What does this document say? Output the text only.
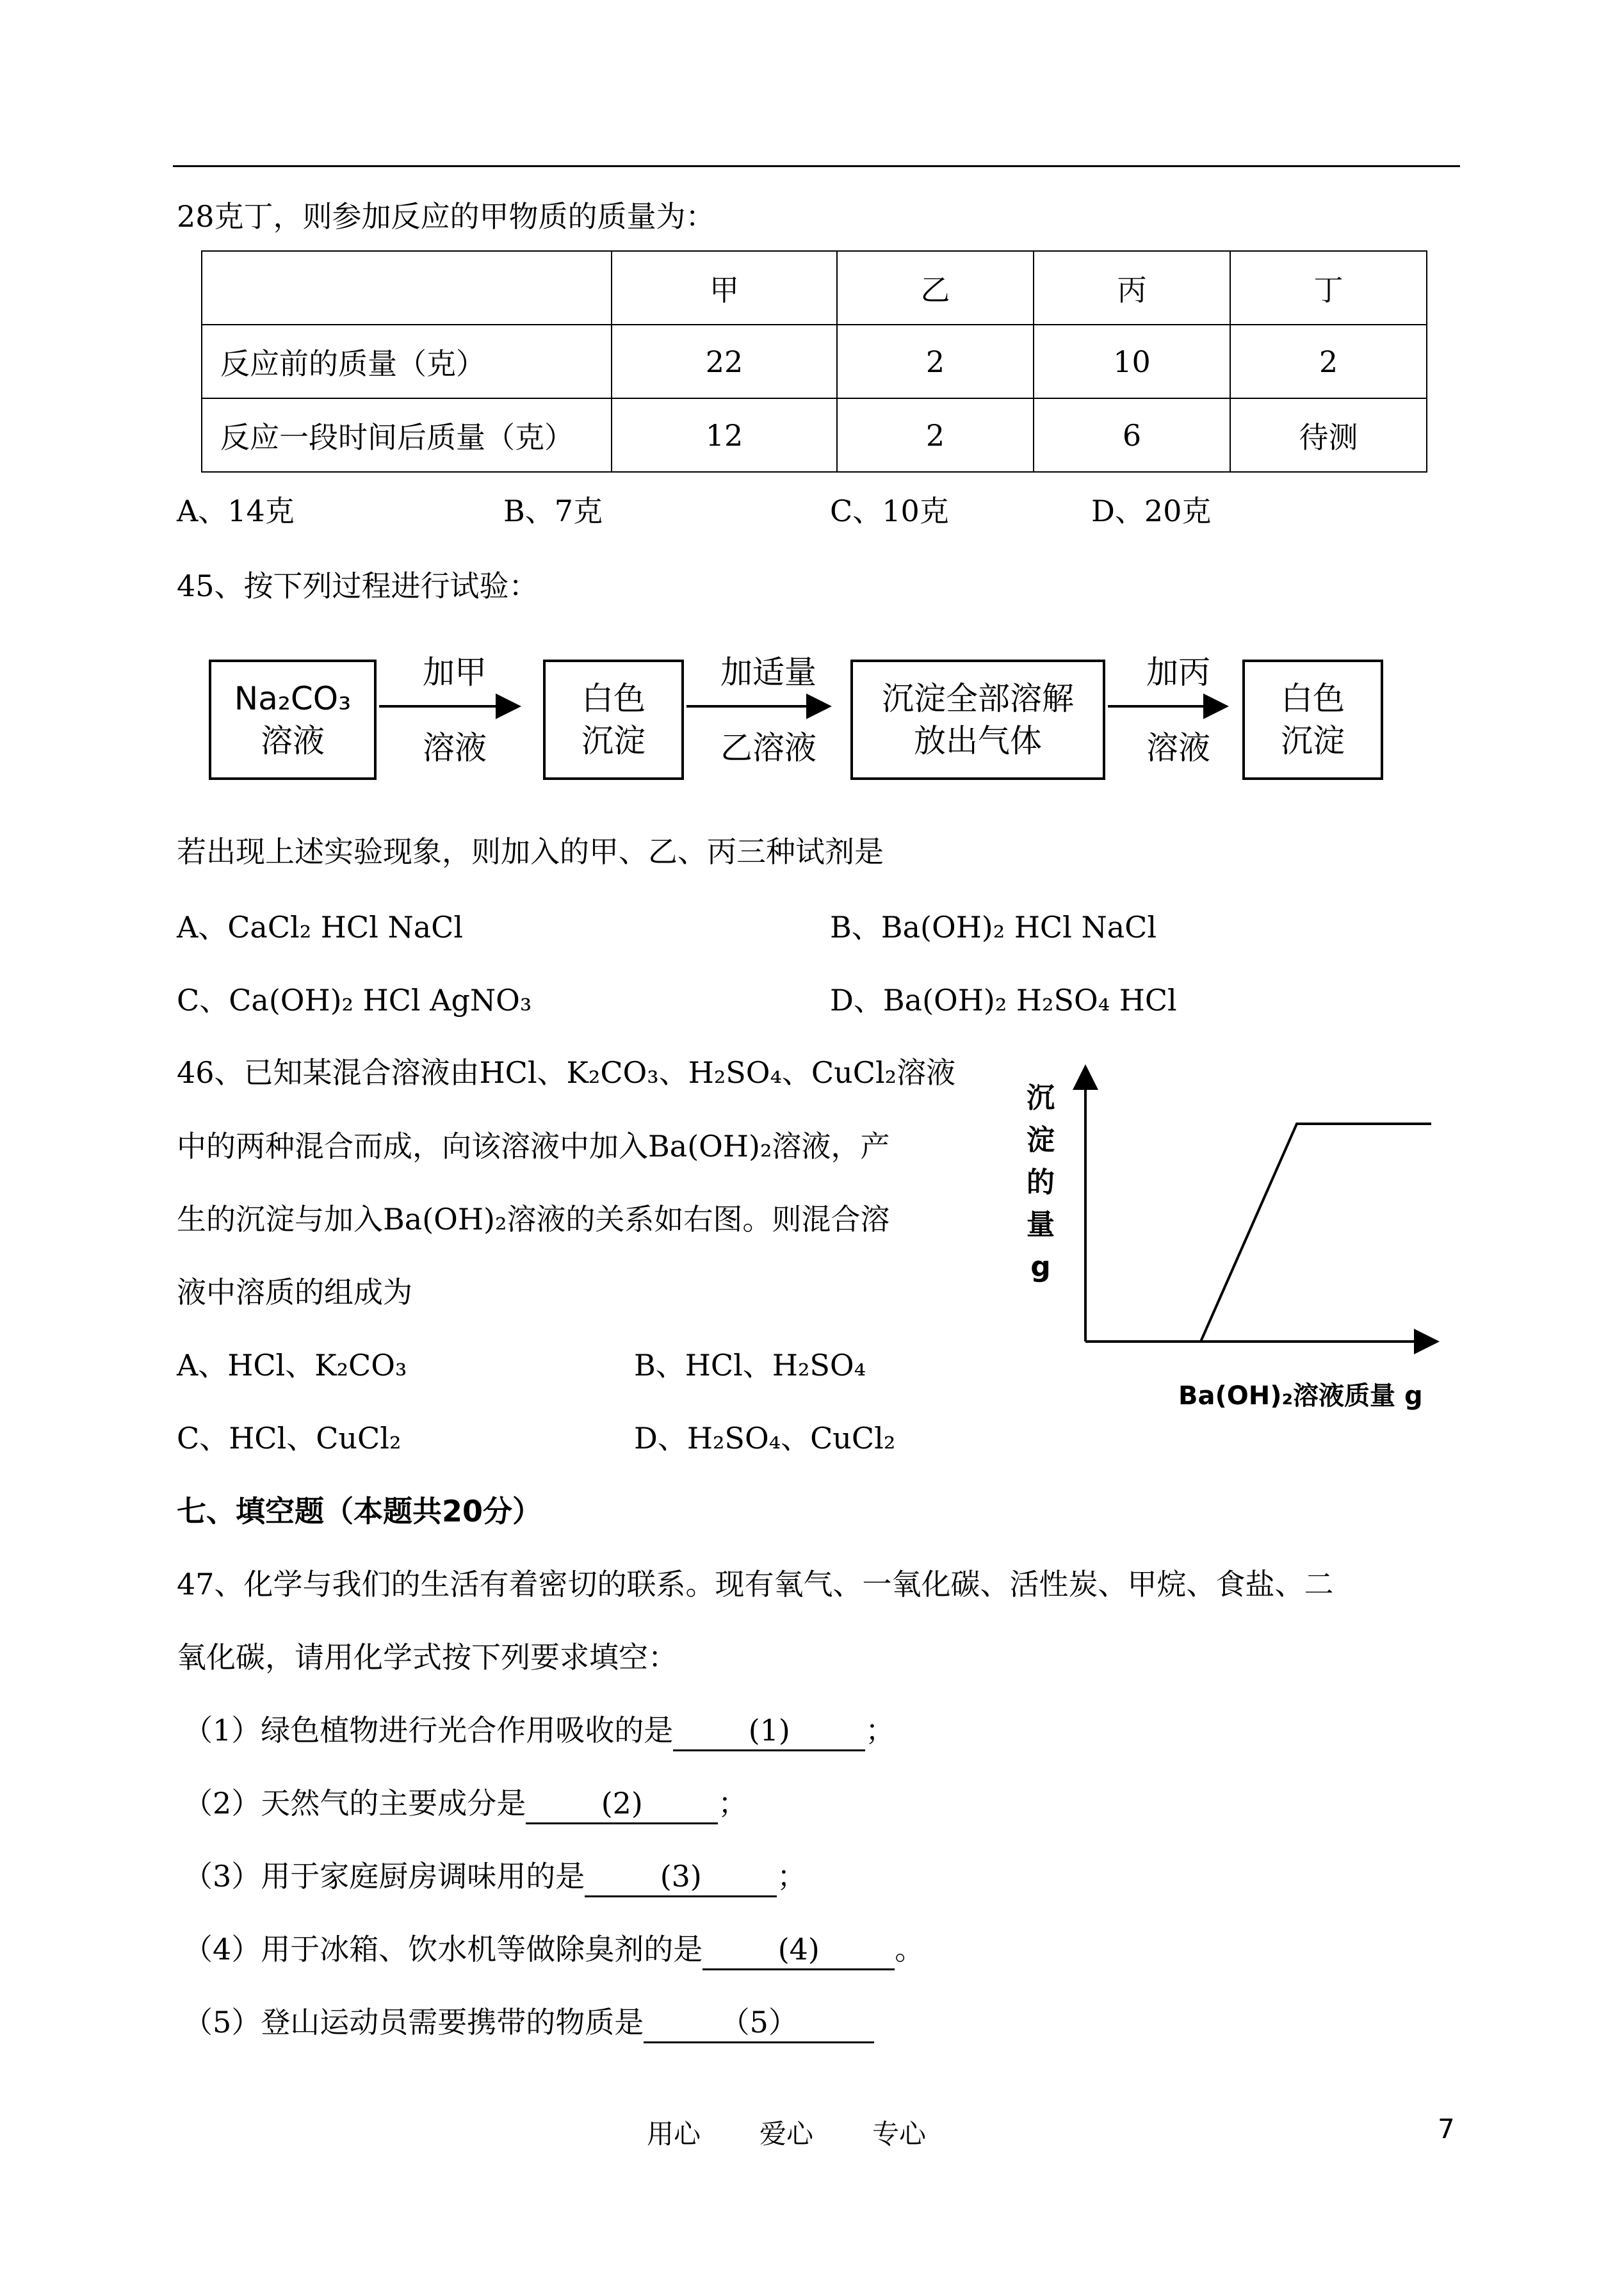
28克丁，则参加反应的甲物质的质量为：
	甲	乙	丙	丁
反应前的质量（克）	22	2	10	2
反应一段时间后质量（克）	12	2	6	待测
A、14克	B、7克	C、10克	D、20克
45、按下列过程进行试验：
Na₂CO₃
溶液
加甲
溶液
白色
沉淀
加适量
乙溶液
沉淀全部溶解
放出气体
加丙
溶液
白色
沉淀
若出现上述实验现象，则加入的甲、乙、丙三种试剂是
A、CaCl₂ HCl NaCl	B、Ba(OH)₂ HCl NaCl
C、Ca(OH)₂ HCl AgNO₃	D、Ba(OH)₂ H₂SO₄ HCl
46、已知某混合溶液由HCl、K₂CO₃、H₂SO₄、CuCl₂溶液
中的两种混合而成，向该溶液中加入Ba(OH)₂溶液，产
生的沉淀与加入Ba(OH)₂溶液的关系如右图。则混合溶
液中溶质的组成为
A、HCl、K₂CO₃	B、HCl、H₂SO₄
C、HCl、CuCl₂	D、H₂SO₄、CuCl₂
沉淀的量g
Ba(OH)₂溶液质量 g
七、填空题（本题共20分）
47、化学与我们的生活有着密切的联系。现有氧气、一氧化碳、活性炭、甲烷、食盐、二
氧化碳，请用化学式按下列要求填空：
（1）绿色植物进行光合作用吸收的是	(1)	；
（2）天然气的主要成分是	(2)	；
（3）用于家庭厨房调味用的是	(3)	；
（4）用于冰箱、饮水机等做除臭剂的是	(4)	。
（5）登山运动员需要携带的物质是	（5）
用心 爱心 专心	7
